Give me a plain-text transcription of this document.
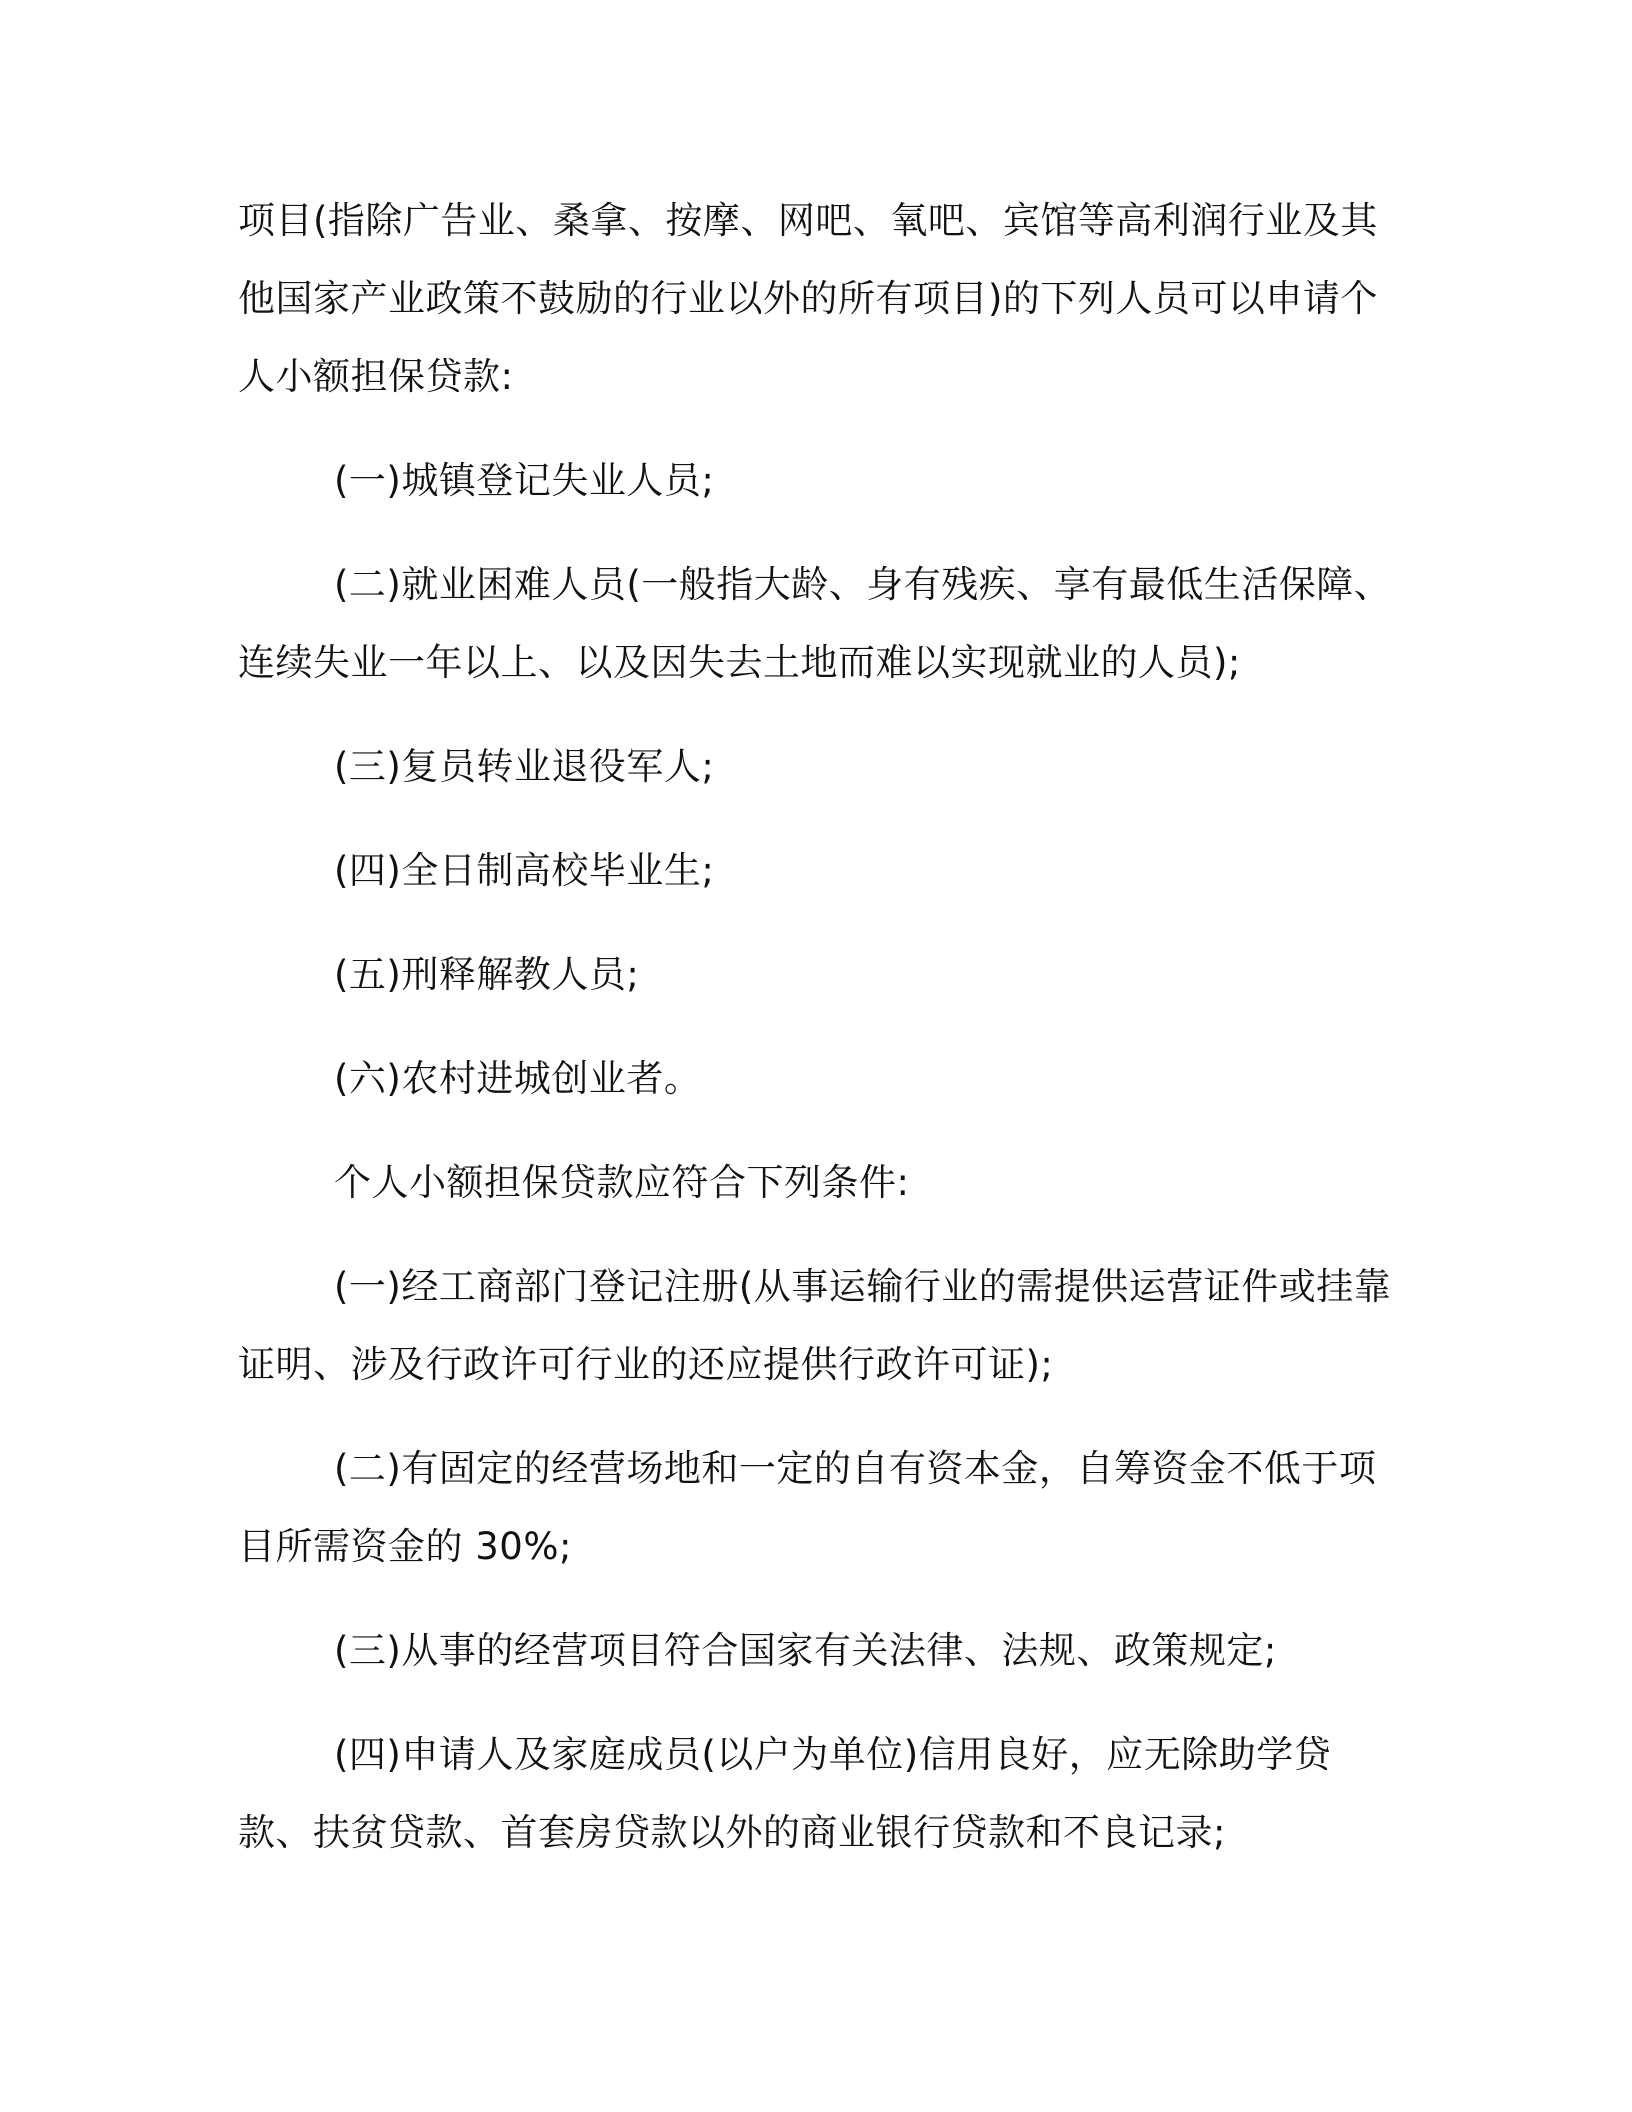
项目(指除广告业、桑拿、按摩、网吧、氧吧、宾馆等高利润行业及其他国家产业政策不鼓励的行业以外的所有项目)的下列人员可以申请个人小额担保贷款:

(一)城镇登记失业人员;

(二)就业困难人员(一般指大龄、身有残疾、享有最低生活保障、连续失业一年以上、以及因失去土地而难以实现就业的人员);

(三)复员转业退役军人;

(四)全日制高校毕业生;

(五)刑释解教人员;

(六)农村进城创业者。

个人小额担保贷款应符合下列条件:

(一)经工商部门登记注册(从事运输行业的需提供运营证件或挂靠证明、涉及行政许可行业的还应提供行政许可证);

(二)有固定的经营场地和一定的自有资本金，自筹资金不低于项目所需资金的 30%;

(三)从事的经营项目符合国家有关法律、法规、政策规定;

(四)申请人及家庭成员(以户为单位)信用良好，应无除助学贷款、扶贫贷款、首套房贷款以外的商业银行贷款和不良记录;
